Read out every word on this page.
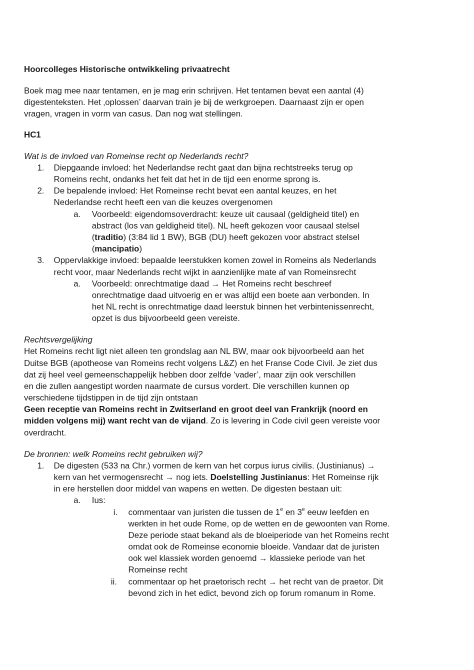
Hoorcolleges Historische ontwikkeling privaatrecht
Boek mag mee naar tentamen, en je mag erin schrijven. Het tentamen bevat een aantal (4)
digestenteksten. Het ‚oplossen’ daarvan train je bij de werkgroepen. Daarnaast zijn er open
vragen, vragen in vorm van casus. Dan nog wat stellingen.
HC1
Wat is de invloed van Romeinse recht op Nederlands recht?
1. Diepgaande invloed: het Nederlandse recht gaat dan bijna rechtstreeks terug op
Romeins recht, ondanks het feit dat het in de tijd een enorme sprong is.
2. De bepalende invloed: Het Romeinse recht bevat een aantal keuzes, en het
Nederlandse recht heeft een van die keuzes overgenomen
a. Voorbeeld: eigendomsoverdracht: keuze uit causaal (geldigheid titel) en
abstract (los van geldigheid titel). NL heeft gekozen voor causaal stelsel
(traditio) (3:84 lid 1 BW), BGB (DU) heeft gekozen voor abstract stelsel
(mancipatio)
3. Oppervlakkige invloed: bepaalde leerstukken komen zowel in Romeins als Nederlands
recht voor, maar Nederlands recht wijkt in aanzienlijke mate af van Romeinsrecht
a. Voorbeeld: onrechtmatige daad → Het Romeins recht beschreef
onrechtmatige daad uitvoerig en er was altijd een boete aan verbonden. In
het NL recht is onrechtmatige daad leerstuk binnen het verbintenissenrecht,
opzet is dus bijvoorbeeld geen vereiste.
Rechtsvergelijking
Het Romeins recht ligt niet alleen ten grondslag aan NL BW, maar ook bijvoorbeeld aan het
Duitse BGB (apotheose van Romeins recht volgens L&Z) en het Franse Code Civil. Je ziet dus
dat zij heel veel gemeenschappelijk hebben door zelfde ‘vader’, maar zijn ook verschillen
en die zullen aangestipt worden naarmate de cursus vordert. Die verschillen kunnen op
verschiedene tijdstippen in de tijd zijn ontstaan
Geen receptie van Romeins recht in Zwitserland en groot deel van Frankrijk (noord en
midden volgens mij) want recht van de vijand. Zo is levering in Code civil geen vereiste voor
overdracht.
De bronnen: welk Romeins recht gebruiken wij?
1. De digesten (533 na Chr.) vormen de kern van het corpus iurus civilis. (Justinianus) →
kern van het vermogensrecht → nog iets. Doelstelling Justinianus: Het Romeinse rijk
in ere herstellen door middel van wapens en wetten. De digesten bestaan uit:
a. Ius:
i. commentaar van juristen die tussen de 1e en 3e eeuw leefden en
werkten in het oude Rome, op de wetten en de gewoonten van Rome.
Deze periode staat bekand als de bloeiperiode van het Romeins recht
omdat ook de Romeinse economie bloeide. Vandaar dat de juristen
ook wel klassiek worden genoemd → klassieke periode van het
Romeinse recht
ii. commentaar op het praetorisch recht → het recht van de praetor. Dit
bevond zich in het edict, bevond zich op forum romanum in Rome.
